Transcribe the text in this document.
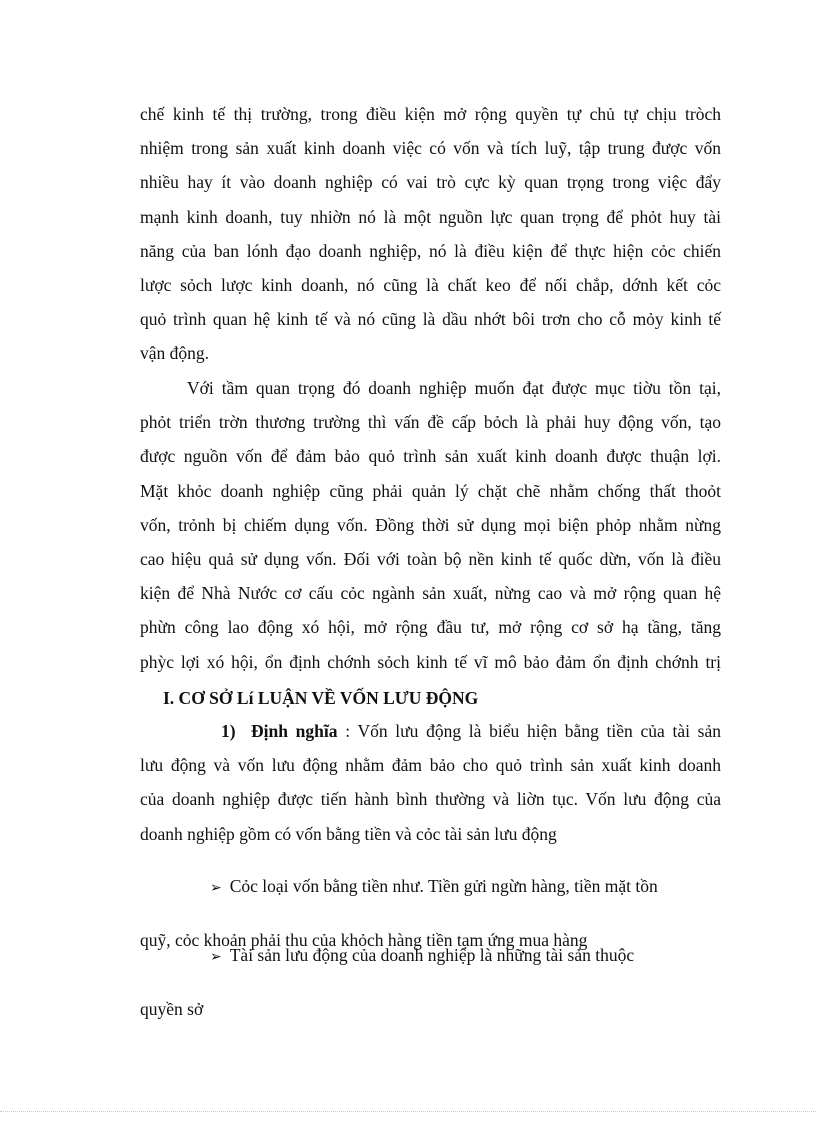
chế kinh tế thị trường, trong điều kiện mở rộng quyền tự chủ tự chịu tròch

nhiệm trong sản xuất kinh doanh việc có vốn và tích luỹ, tập trung được vốn

nhiều hay ít vào doanh nghiệp có vai trò cực kỳ quan trọng trong việc đẩy

mạnh kinh doanh, tuy nhiờn nó là một nguồn lực quan trọng để phỏt huy tài

năng của ban lónh đạo doanh nghiệp, nó là điều kiện để thực hiện cỏc chiến

lược sỏch lược kinh doanh, nó cũng là chất keo để nối chắp, dớnh kết cỏc

quỏ trình quan hệ kinh tế và nó cũng là dầu nhớt bôi trơn cho cỗ mỏy kinh tế

vận động.

Với tầm quan trọng đó doanh nghiệp muốn đạt được mục tiờu tồn tại,

phỏt triển trờn thương trường thì vấn đề cấp bỏch là phải huy động vốn, tạo

được nguồn vốn để đảm bảo quỏ trình sản xuất kinh doanh được thuận lợi.

Mặt khỏc doanh nghiệp cũng phải quản lý chặt chẽ nhằm chống thất thoỏt

vốn, trỏnh bị chiếm dụng vốn. Đồng thời sử dụng mọi biện phỏp nhằm nừng

cao hiệu quả sử dụng vốn. Đối với toàn bộ nền kinh tế quốc dừn, vốn là điều

kiện để Nhà Nước cơ cấu cỏc ngành sản xuất, nừng cao và mở rộng quan hệ

phừn công lao động xó hội, mở rộng đầu tư, mở rộng cơ sở hạ tầng, tăng

phỳc lợi xó hội, ổn định chớnh sỏch kinh tế vĩ mô bảo đảm ổn định chớnh trị

I. CƠ SỞ Lí LUẬN VỀ VỐN LƯU ĐỘNG

1) Định nghĩa : Vốn lưu động là biểu hiện bằng tiền của tài sản

lưu động và vốn lưu động nhằm đảm bảo cho quỏ trình sản xuất kinh doanh

của doanh nghiệp được tiến hành bình thường và liờn tục. Vốn lưu động của

doanh nghiệp gồm có vốn bằng tiền và cỏc tài sản lưu động

➢ Cỏc loại vốn bằng tiền như. Tiền gửi ngừn hàng, tiền mặt tồn

quỹ, cỏc khoản phải thu của khỏch hàng tiền tạm ứng mua hàng

➢ Tài sản lưu động của doanh nghiệp là những tài sản thuộc

quyền sở
